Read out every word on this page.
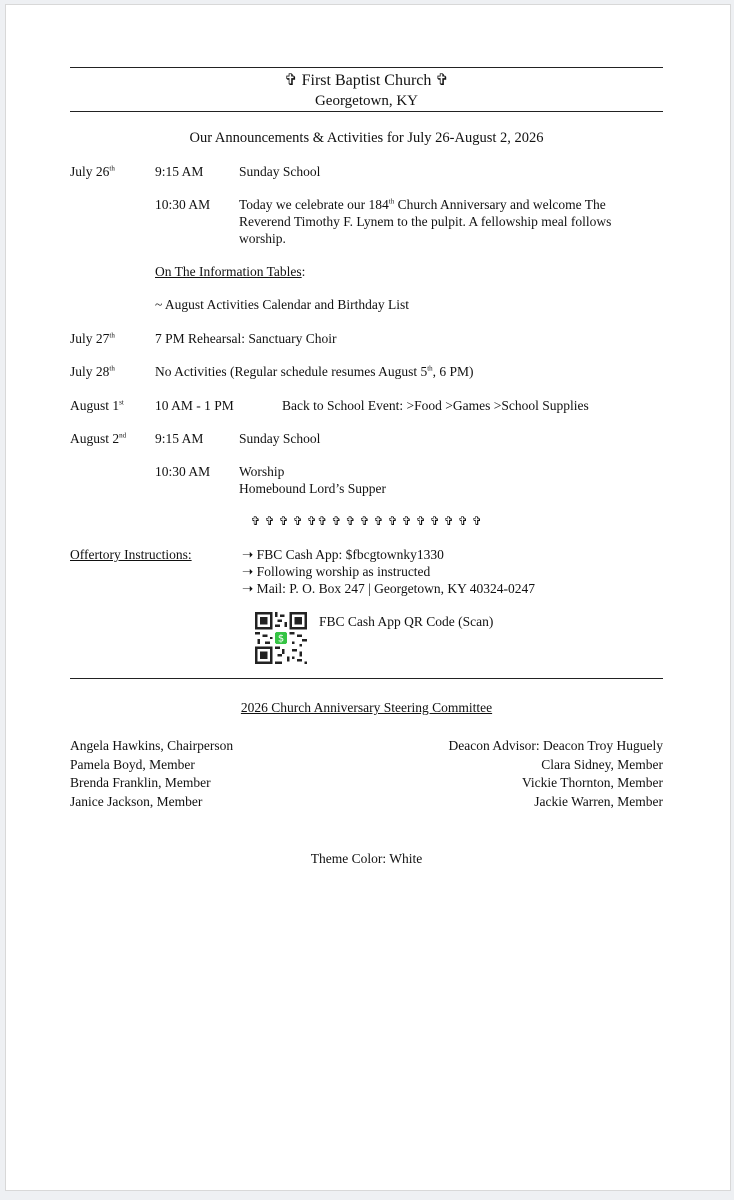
✞ First Baptist Church ✞
Georgetown, KY
Our Announcements & Activities for July 26-August 2, 2026
July 26th	9:15 AM	Sunday School
10:30 AM Today we celebrate our 184th Church Anniversary and welcome The
Reverend Timothy F. Lynem to the pulpit. A fellowship meal follows
worship.
On The Information Tables:
~ August Activities Calendar and Birthday List
July 27th	7 PM Rehearsal: Sanctuary Choir
July 28th	No Activities (Regular schedule resumes August 5th, 6 PM)
August 1st 10 AM - 1 PM	Back to School Event: >Food >Games >School Supplies
August 2nd 9:15 AM	Sunday School
10:30 AM Worship
Homebound Lord’s Supper
✞ ✞ ✞ ✞ ✞✞ ✞ ✞ ✞ ✞ ✞ ✞ ✞ ✞ ✞ ✞ ✞
Offertory Instructions:	➝ FBC Cash App: $fbcgtownky1330
➝ Following worship as instructed
➝ Mail: P. O. Box 247 | Georgetown, KY 40324-0247
$
FBC Cash App QR Code (Scan)
2026 Church Anniversary Steering Committee
Angela Hawkins, Chairperson
Pamela Boyd, Member
Brenda Franklin, Member
Janice Jackson, Member
Deacon Advisor: Deacon Troy Huguely
Clara Sidney, Member
Vickie Thornton, Member
Jackie Warren, Member
Theme Color: White
